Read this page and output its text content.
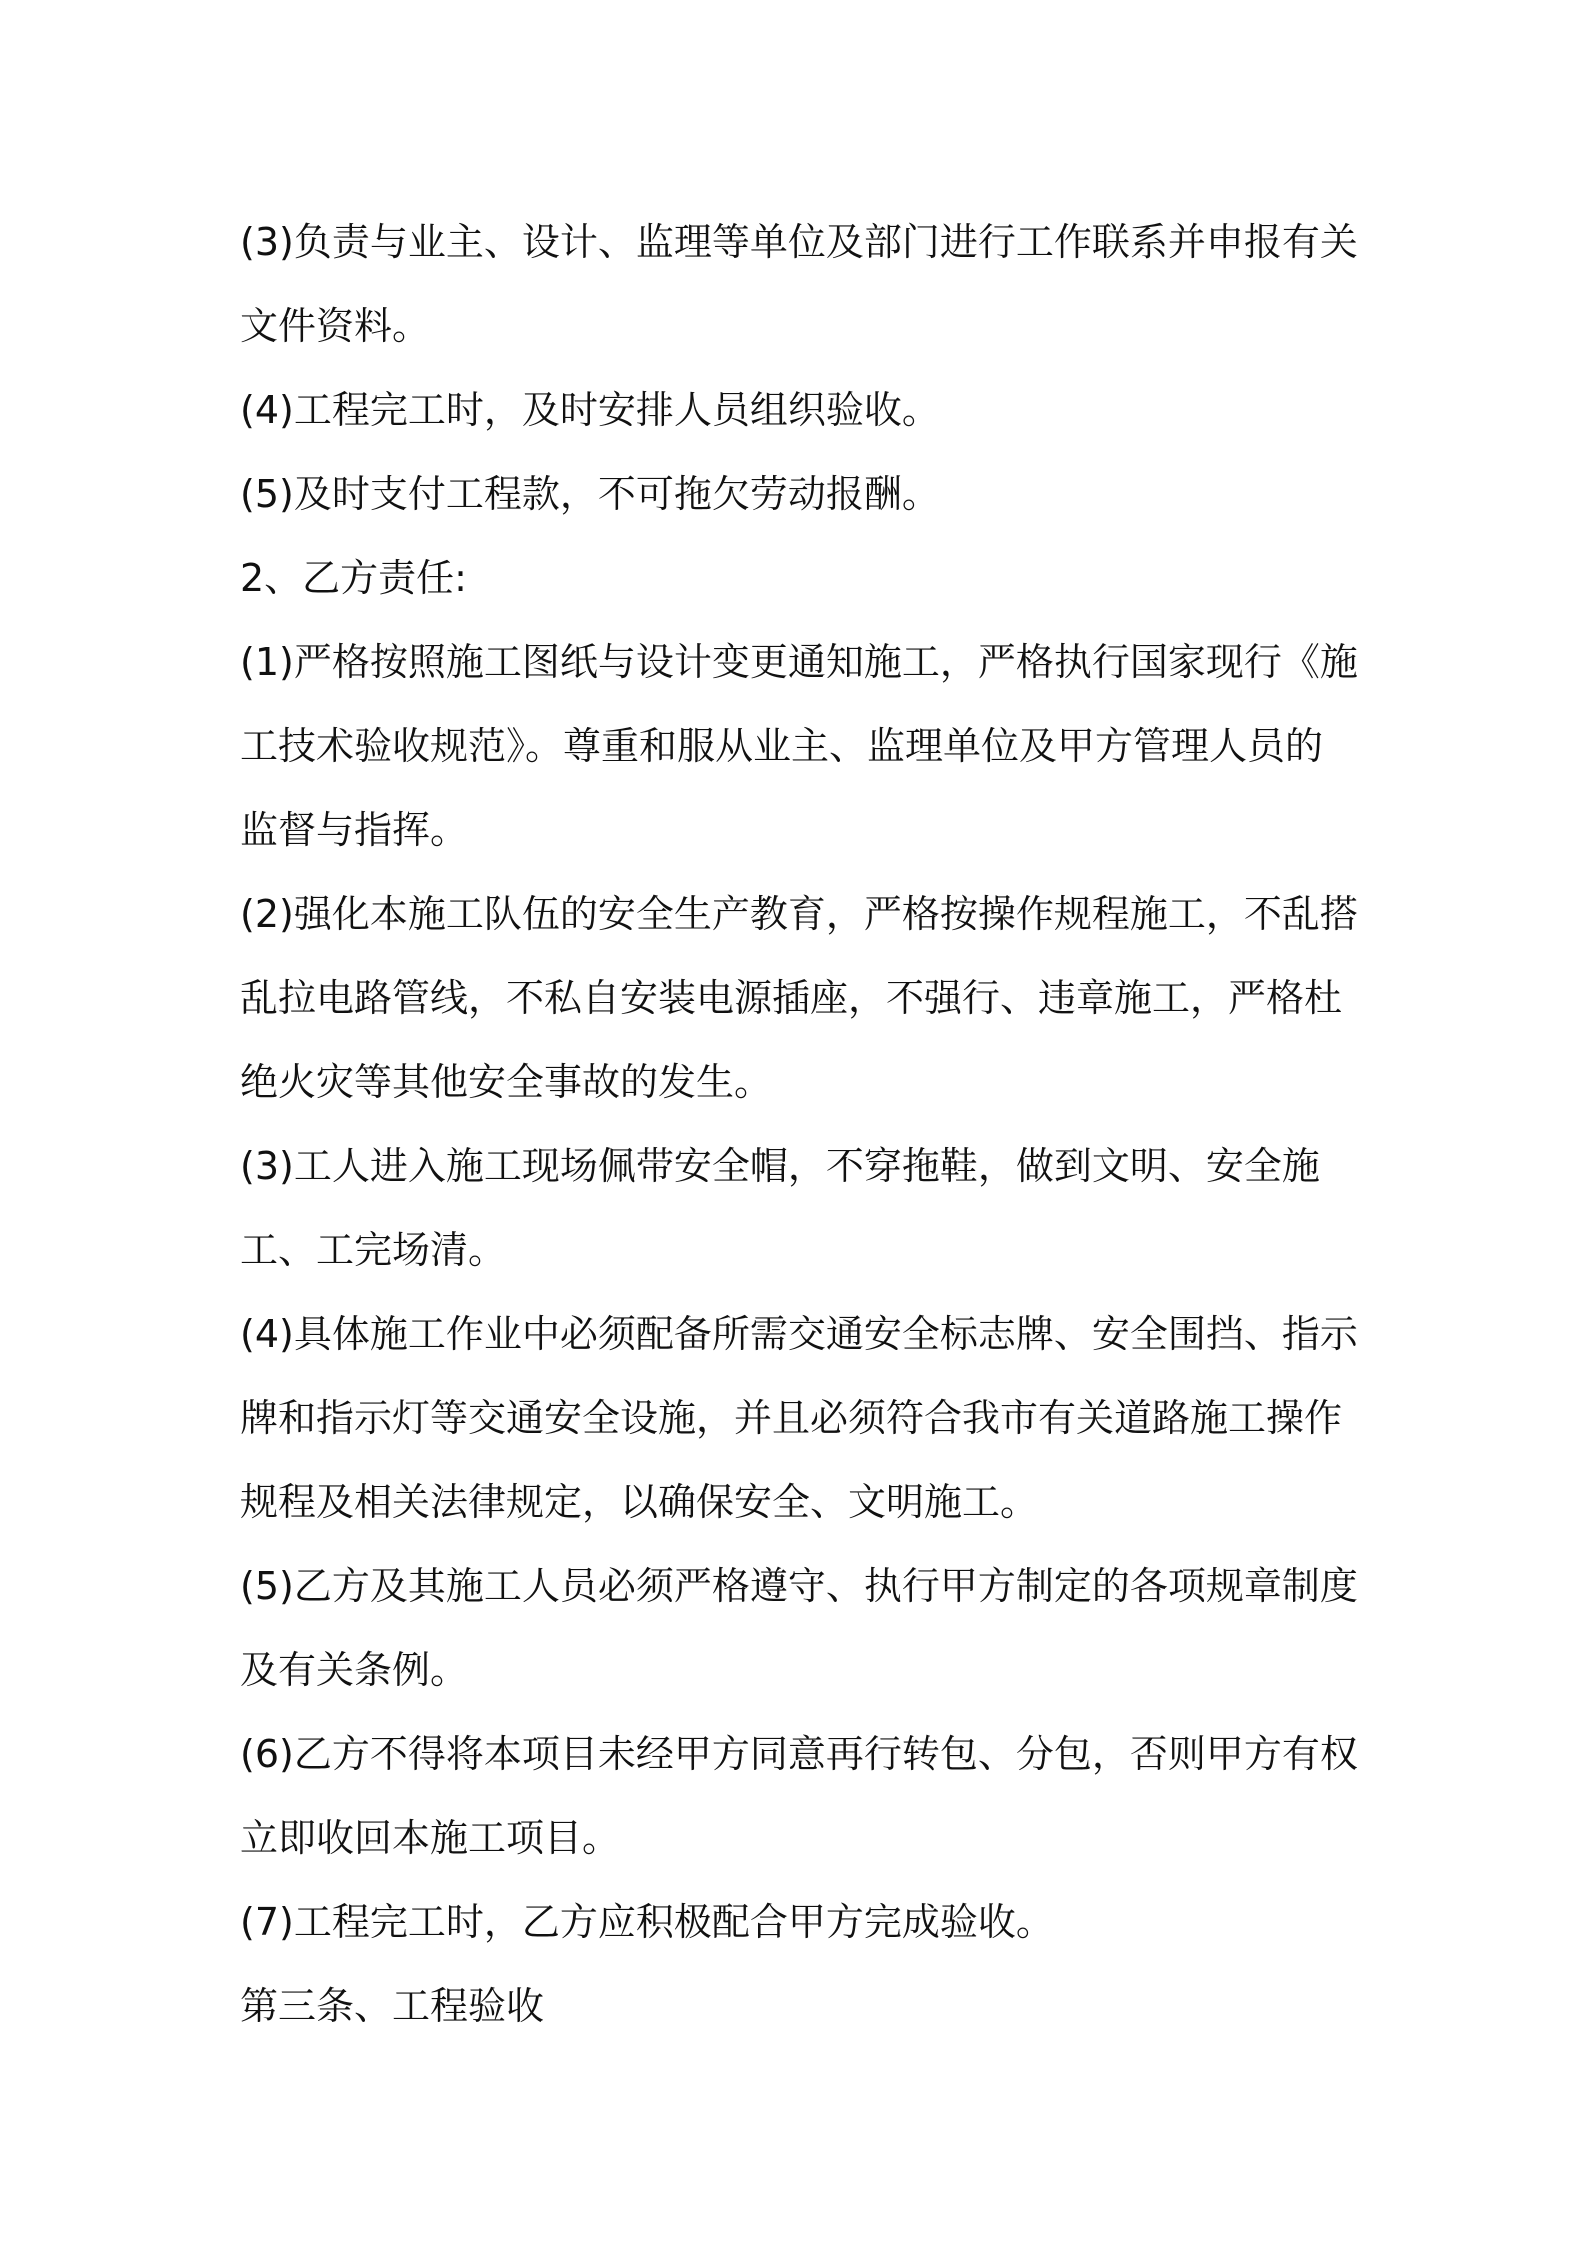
(3)负责与业主、设计、监理等单位及部门进行工作联系并申报有关文件资料。

(4)工程完工时，及时安排人员组织验收。

(5)及时支付工程款，不可拖欠劳动报酬。

2、乙方责任:

(1)严格按照施工图纸与设计变更通知施工，严格执行国家现行《施工技术验收规范》。尊重和服从业主、监理单位及甲方管理人员的监督与指挥。

(2)强化本施工队伍的安全生产教育，严格按操作规程施工，不乱搭乱拉电路管线，不私自安装电源插座，不强行、违章施工，严格杜绝火灾等其他安全事故的发生。

(3)工人进入施工现场佩带安全帽，不穿拖鞋，做到文明、安全施工、工完场清。

(4)具体施工作业中必须配备所需交通安全标志牌、安全围挡、指示牌和指示灯等交通安全设施，并且必须符合我市有关道路施工操作规程及相关法律规定，以确保安全、文明施工。

(5)乙方及其施工人员必须严格遵守、执行甲方制定的各项规章制度及有关条例。

(6)乙方不得将本项目未经甲方同意再行转包、分包，否则甲方有权立即收回本施工项目。

(7)工程完工时，乙方应积极配合甲方完成验收。

第三条、工程验收
